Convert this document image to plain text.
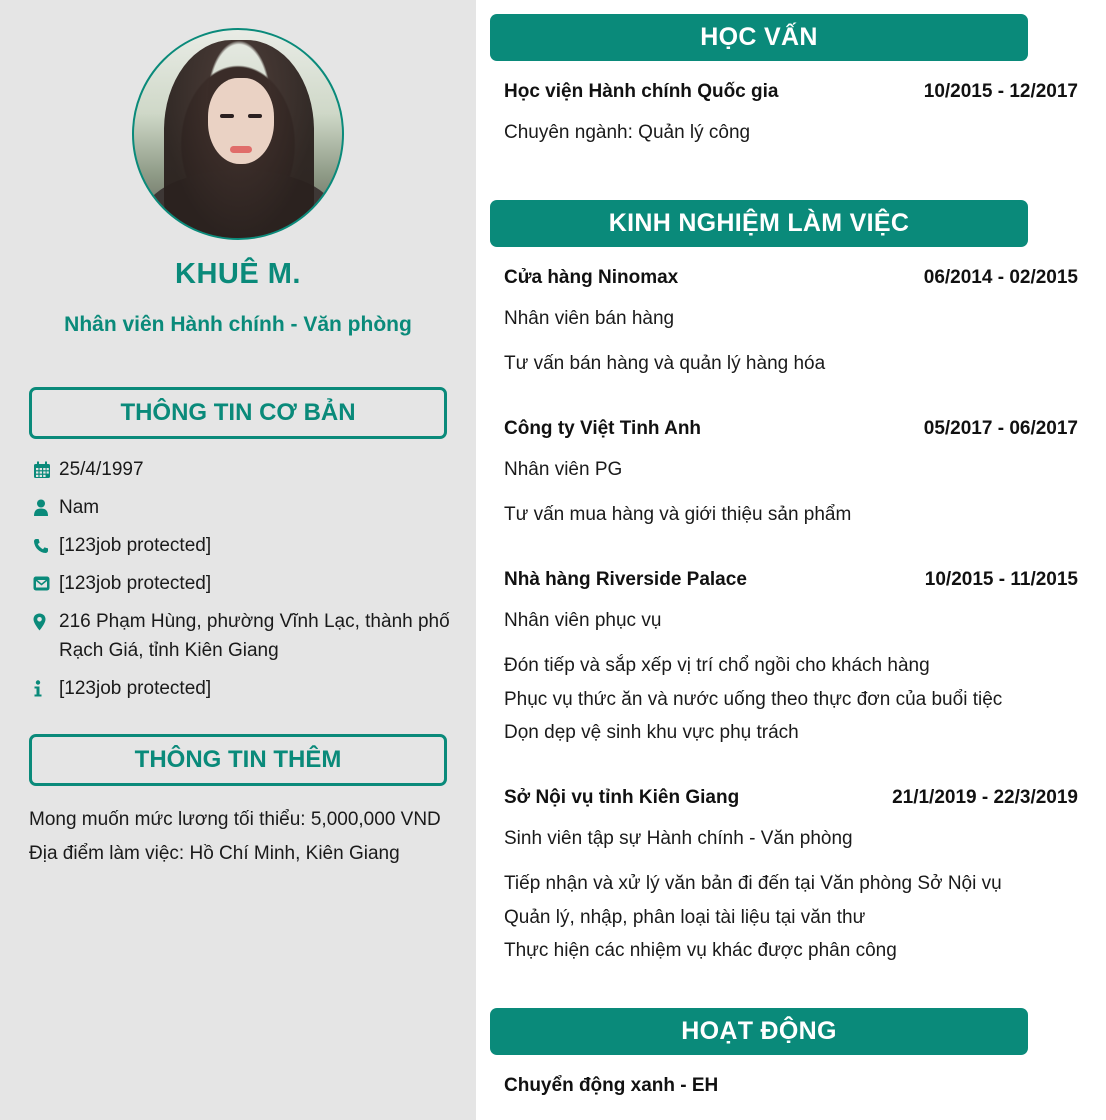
KHUÊ M.
Nhân viên Hành chính - Văn phòng
THÔNG TIN CƠ BẢN
25/4/1997
Nam
[123job protected]
[123job protected]
216 Phạm Hùng, phường Vĩnh Lạc, thành phố Rạch Giá, tỉnh Kiên Giang
[123job protected]
THÔNG TIN THÊM
Mong muốn mức lương tối thiểu: 5,000,000 VND
Địa điểm làm việc: Hồ Chí Minh, Kiên Giang
HỌC VẤN
Học viện Hành chính Quốc gia	10/2015 - 12/2017
Chuyên ngành: Quản lý công
KINH NGHIỆM LÀM VIỆC
Cửa hàng Ninomax	06/2014 - 02/2015
Nhân viên bán hàng
Tư vấn bán hàng và quản lý hàng hóa
Công ty Việt Tinh Anh	05/2017 - 06/2017
Nhân viên PG
Tư vấn mua hàng và giới thiệu sản phẩm
Nhà hàng Riverside Palace	10/2015 - 11/2015
Nhân viên phục vụ
Đón tiếp và sắp xếp vị trí chổ ngồi cho khách hàng
Phục vụ thức ăn và nước uống theo thực đơn của buổi tiệc
Dọn dẹp vệ sinh khu vực phụ trách
Sở Nội vụ tỉnh Kiên Giang	21/1/2019 - 22/3/2019
Sinh viên tập sự Hành chính - Văn phòng
Tiếp nhận và xử lý văn bản đi đến tại Văn phòng Sở Nội vụ
Quản lý, nhập, phân loại tài liệu tại văn thư
Thực hiện các nhiệm vụ khác được phân công
HOẠT ĐỘNG
Chuyển động xanh - EH
